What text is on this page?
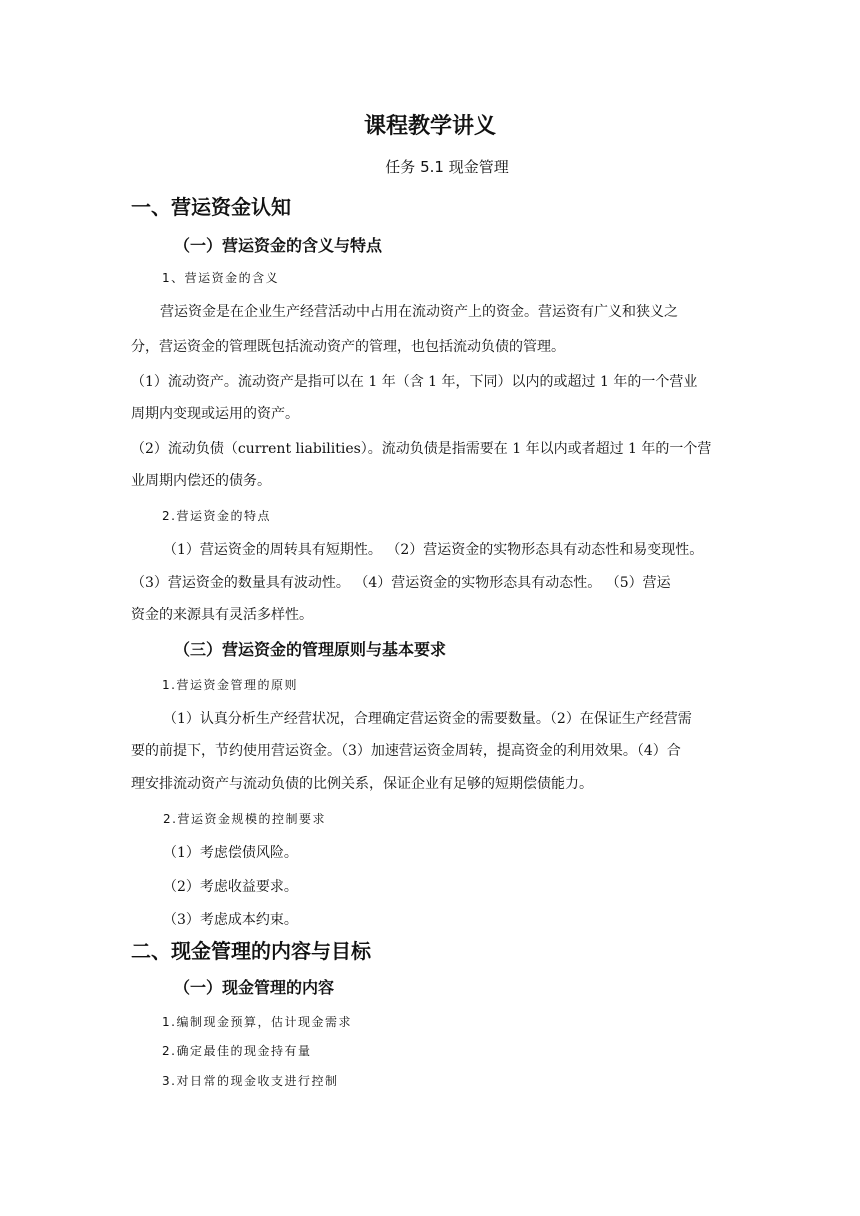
课程教学讲义
任务 5.1 现金管理
一、营运资金认知
（一）营运资金的含义与特点
1、营运资金的含义
营运资金是在企业生产经营活动中占用在流动资产上的资金。营运资有广义和狭义之
分，营运资金的管理既包括流动资产的管理，也包括流动负债的管理。
（1）流动资产。流动资产是指可以在 1 年（含 1 年，下同）以内的或超过 1 年的一个营业
周期内变现或运用的资产。
（2）流动负债（current liabilities）。流动负债是指需要在 1 年以内或者超过 1 年的一个营
业周期内偿还的债务。
2.营运资金的特点
（1）营运资金的周转具有短期性。 （2）营运资金的实物形态具有动态性和易变现性。
（3）营运资金的数量具有波动性。 （4）营运资金的实物形态具有动态性。 （5）营运
资金的来源具有灵活多样性。
（三）营运资金的管理原则与基本要求
1.营运资金管理的原则
（1）认真分析生产经营状况，合理确定营运资金的需要数量。（2）在保证生产经营需
要的前提下，节约使用营运资金。（3）加速营运资金周转，提高资金的利用效果。（4）合
理安排流动资产与流动负债的比例关系，保证企业有足够的短期偿债能力。
2.营运资金规模的控制要求
（1）考虑偿债风险。
（2）考虑收益要求。
（3）考虑成本约束。
二、现金管理的内容与目标
（一）现金管理的内容
1.编制现金预算，估计现金需求
2.确定最佳的现金持有量
3.对日常的现金收支进行控制
